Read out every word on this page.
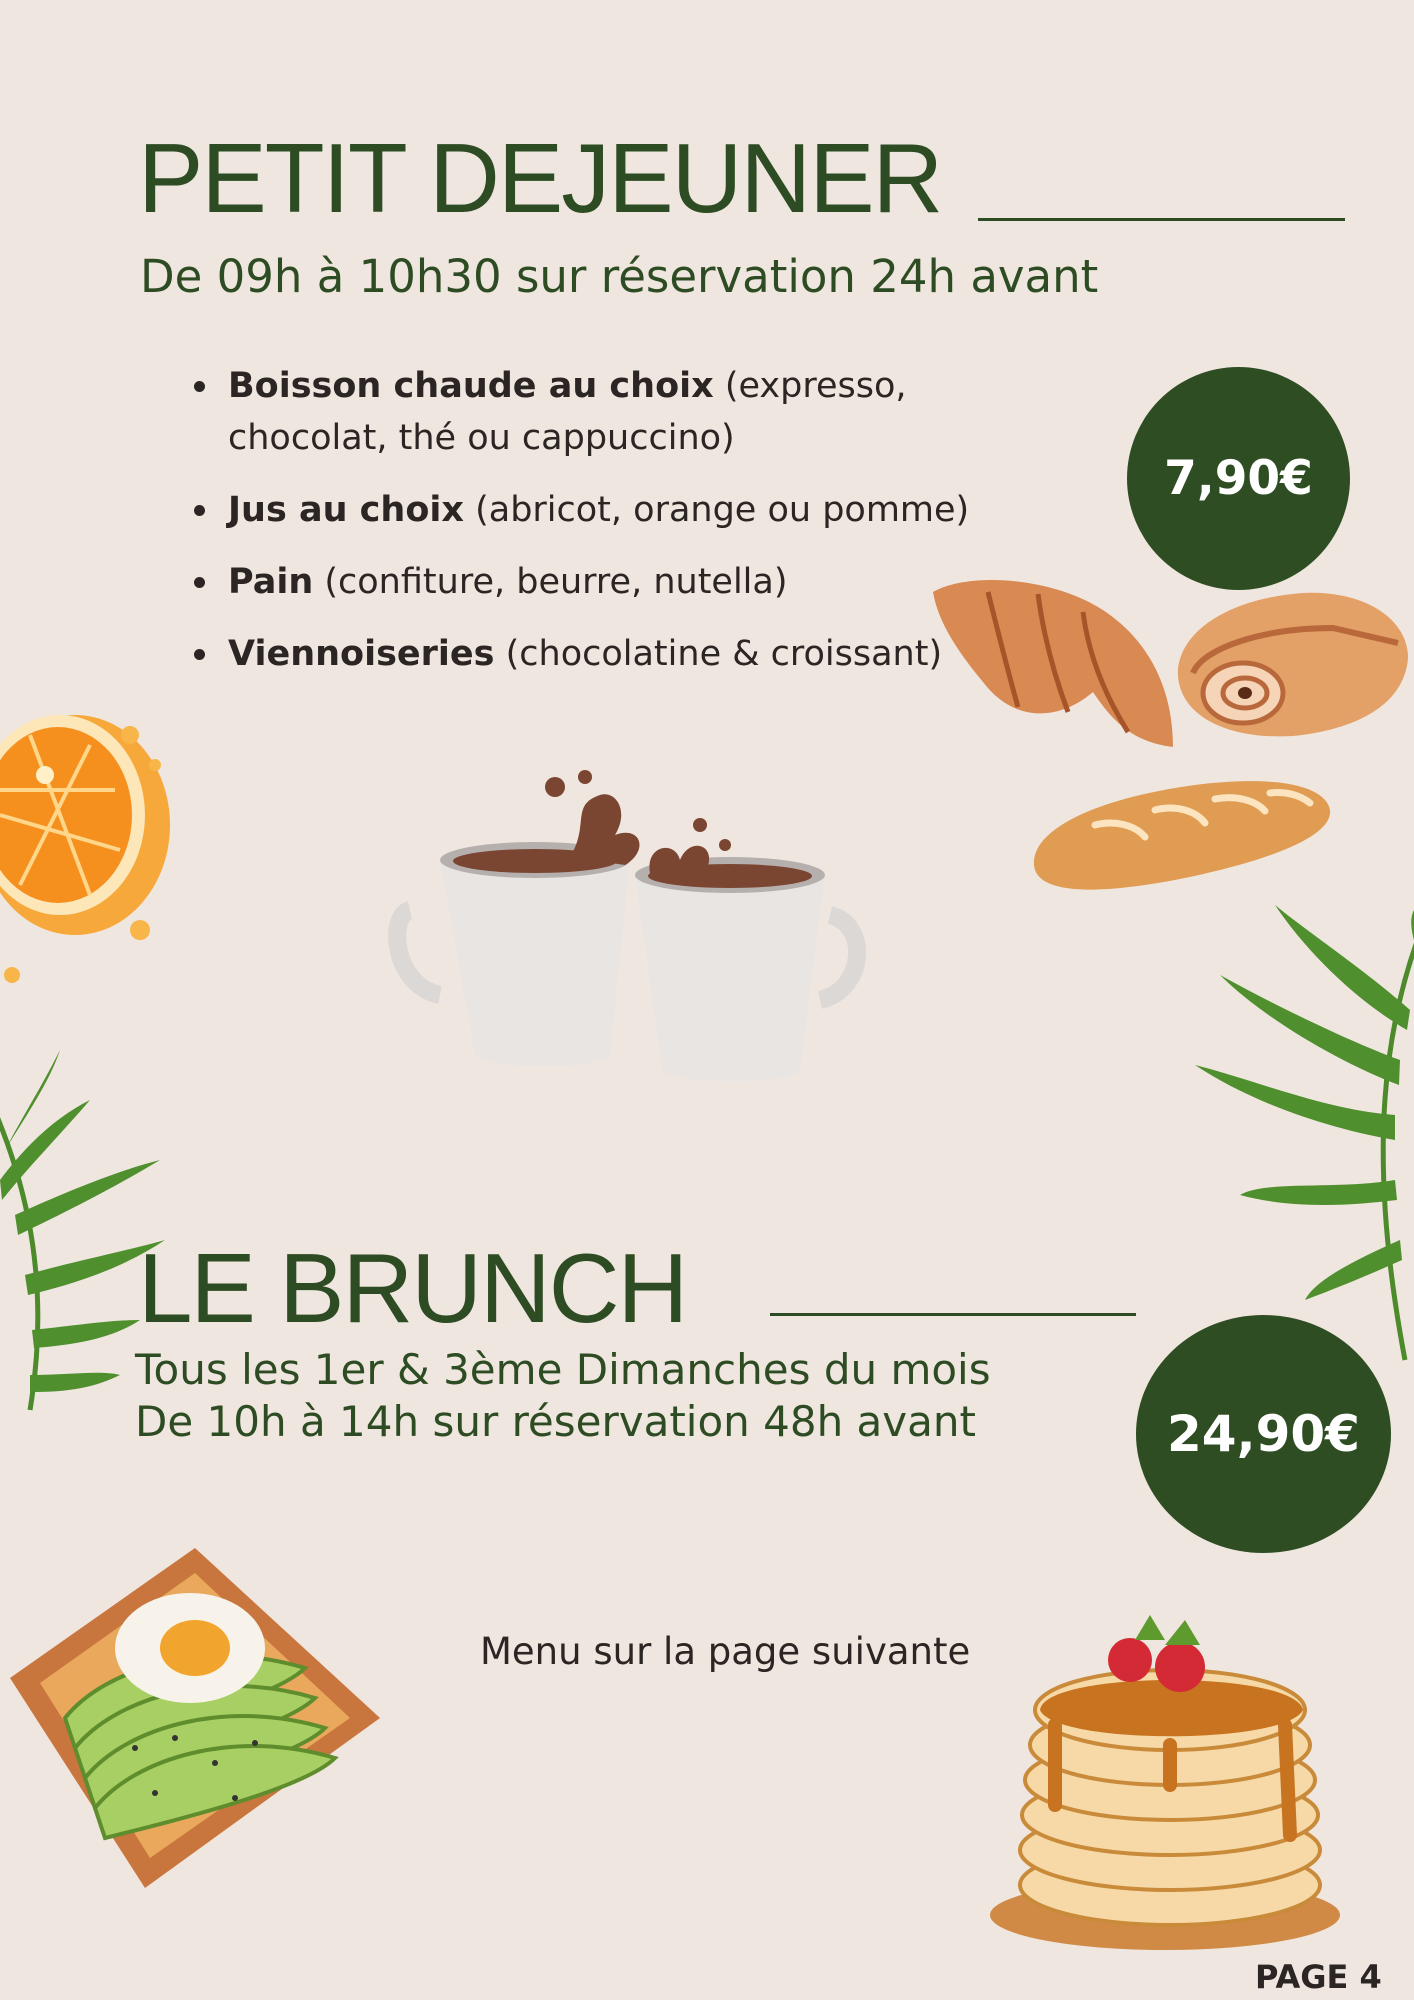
PETIT DEJEUNER

De 09h à 10h30 sur réservation 24h avant

Boisson chaude au choix (expresso, chocolat, thé ou cappuccino)
Jus au choix (abricot, orange ou pomme)
Pain (confiture, beurre, nutella)
Viennoiseries (chocolatine & croissant)
7,90€
LE BRUNCH

Tous les 1er & 3ème Dimanches du mois

De 10h à 14h sur réservation 48h avant	24,90€

Menu sur la page suivante

PAGE 4
